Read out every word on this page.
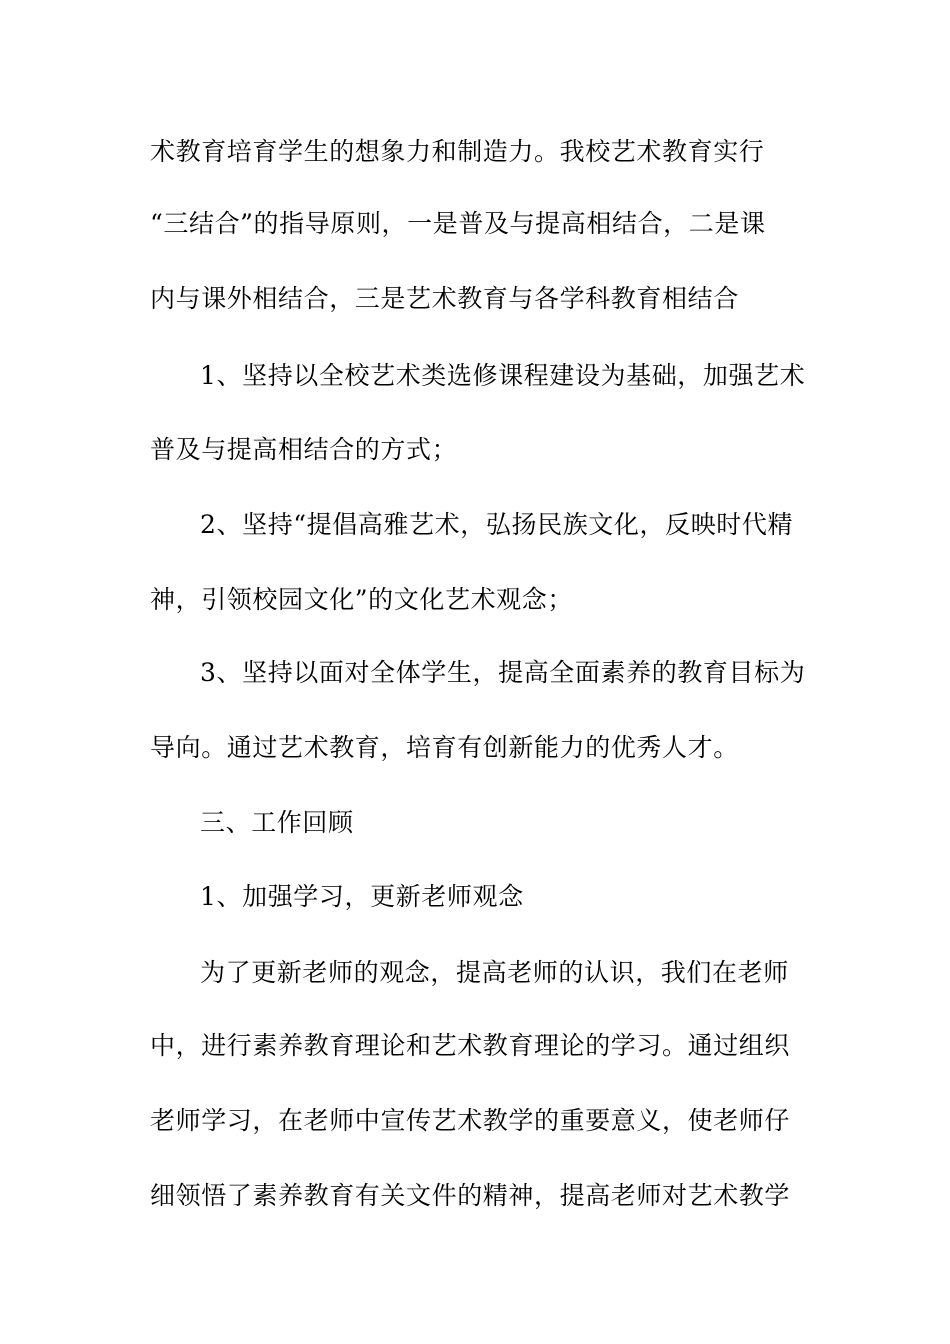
术教育培育学生的想象力和制造力。我校艺术教育实行
“三结合”的指导原则，一是普及与提高相结合，二是课
内与课外相结合，三是艺术教育与各学科教育相结合
1、坚持以全校艺术类选修课程建设为基础，加强艺术
普及与提高相结合的方式；
2、坚持“提倡高雅艺术，弘扬民族文化，反映时代精
神，引领校园文化”的文化艺术观念；
3、坚持以面对全体学生，提高全面素养的教育目标为
导向。通过艺术教育，培育有创新能力的优秀人才。
三、工作回顾
1、加强学习，更新老师观念
为了更新老师的观念，提高老师的认识，我们在老师
中，进行素养教育理论和艺术教育理论的学习。通过组织
老师学习，在老师中宣传艺术教学的重要意义，使老师仔
细领悟了素养教育有关文件的精神，提高老师对艺术教学
